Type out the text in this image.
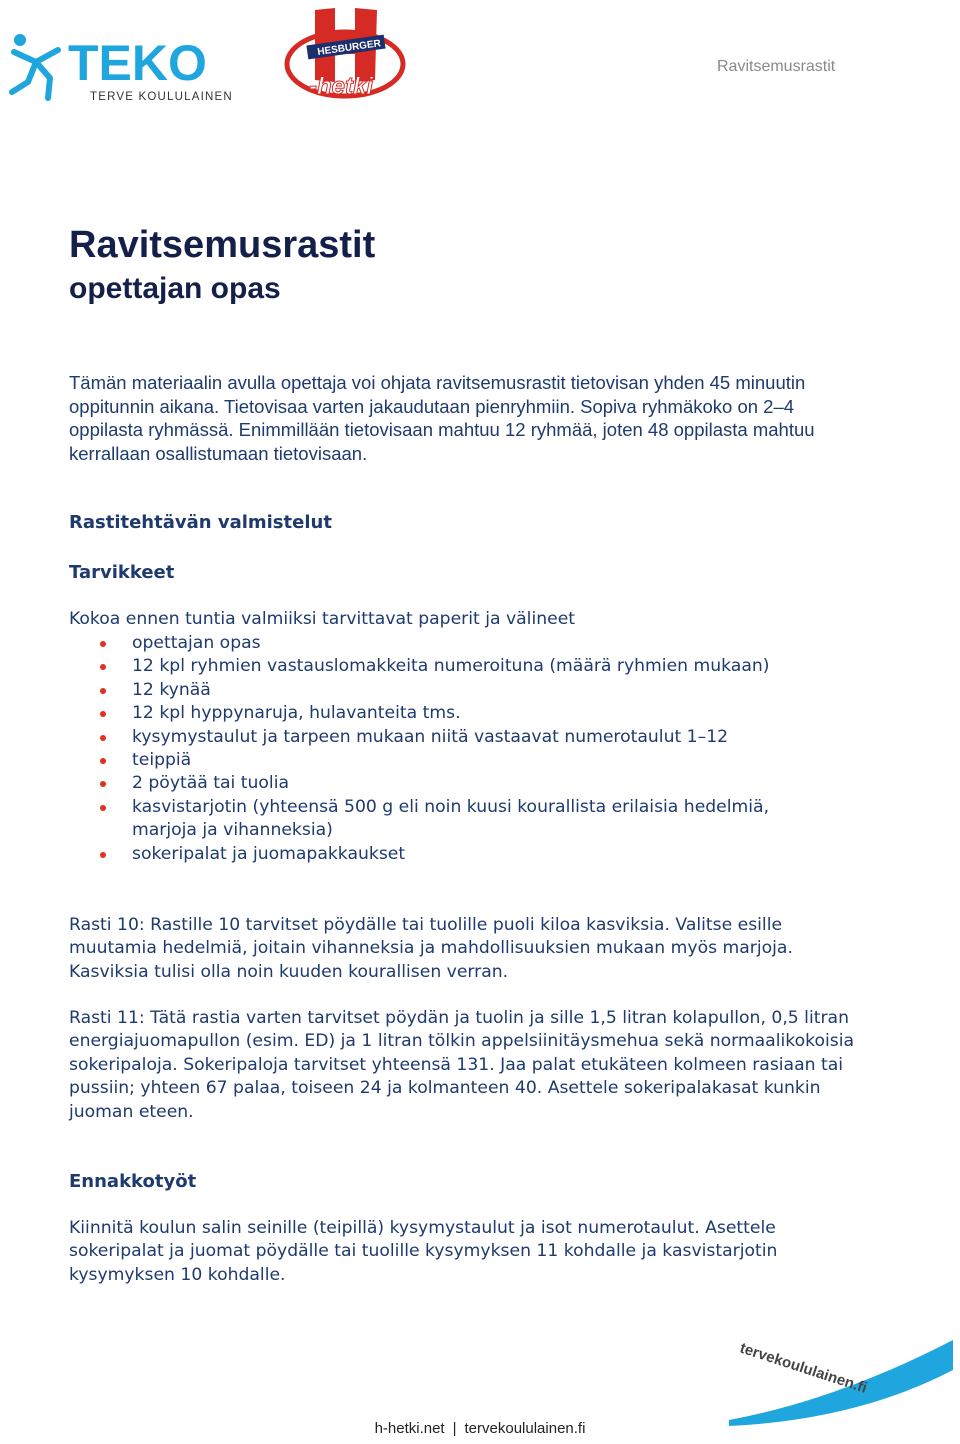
TEKO
TERVE KOULULAINEN
HESBURGER
-hetki
Ravitsemusrastit
Ravitsemusrastit
opettajan opas
Tämän materiaalin avulla opettaja voi ohjata ravitsemusrastit tietovisan yhden 45 minuutin oppitunnin aikana. Tietovisaa varten jakaudutaan pienryhmiin. Sopiva ryhmäkoko on 2–4 oppilasta ryhmässä. Enimmillään tietovisaan mahtuu 12 ryhmää, joten 48 oppilasta mahtuu kerrallaan osallistumaan tietovisaan.
Rastitehtävän valmistelut
Tarvikkeet
Kokoa ennen tuntia valmiiksi tarvittavat paperit ja välineet
opettajan opas
12 kpl ryhmien vastauslomakkeita numeroituna (määrä ryhmien mukaan)
12 kynää
12 kpl hyppynaruja, hulavanteita tms.
kysymystaulut ja tarpeen mukaan niitä vastaavat numerotaulut 1–12
teippiä
2 pöytää tai tuolia
kasvistarjotin (yhteensä 500 g eli noin kuusi kourallista erilaisia hedelmiä, marjoja ja vihanneksia)
sokeripalat ja juomapakkaukset
Rasti 10: Rastille 10 tarvitset pöydälle tai tuolille puoli kiloa kasviksia. Valitse esille muutamia hedelmiä, joitain vihanneksia ja mahdollisuuksien mukaan myös marjoja. Kasviksia tulisi olla noin kuuden kourallisen verran.
Rasti 11: Tätä rastia varten tarvitset pöydän ja tuolin ja sille 1,5 litran kolapullon, 0,5 litran energiajuomapullon (esim. ED) ja 1 litran tölkin appelsiinitäysmehua sekä normaalikokoisia sokeripaloja. Sokeripaloja tarvitset yhteensä 131. Jaa palat etukäteen kolmeen rasiaan tai pussiin; yhteen 67 palaa, toiseen 24 ja kolmanteen 40. Asettele sokeripalakasat kunkin juoman eteen.
Ennakkotyöt
Kiinnitä koulun salin seinille (teipillä) kysymystaulut ja isot numerotaulut. Asettele sokeripalat ja juomat pöydälle tai tuolille kysymyksen 11 kohdalle ja kasvistarjotin kysymyksen 10 kohdalle.
tervekoululainen.fi
h-hetki.net | tervekoululainen.fi
